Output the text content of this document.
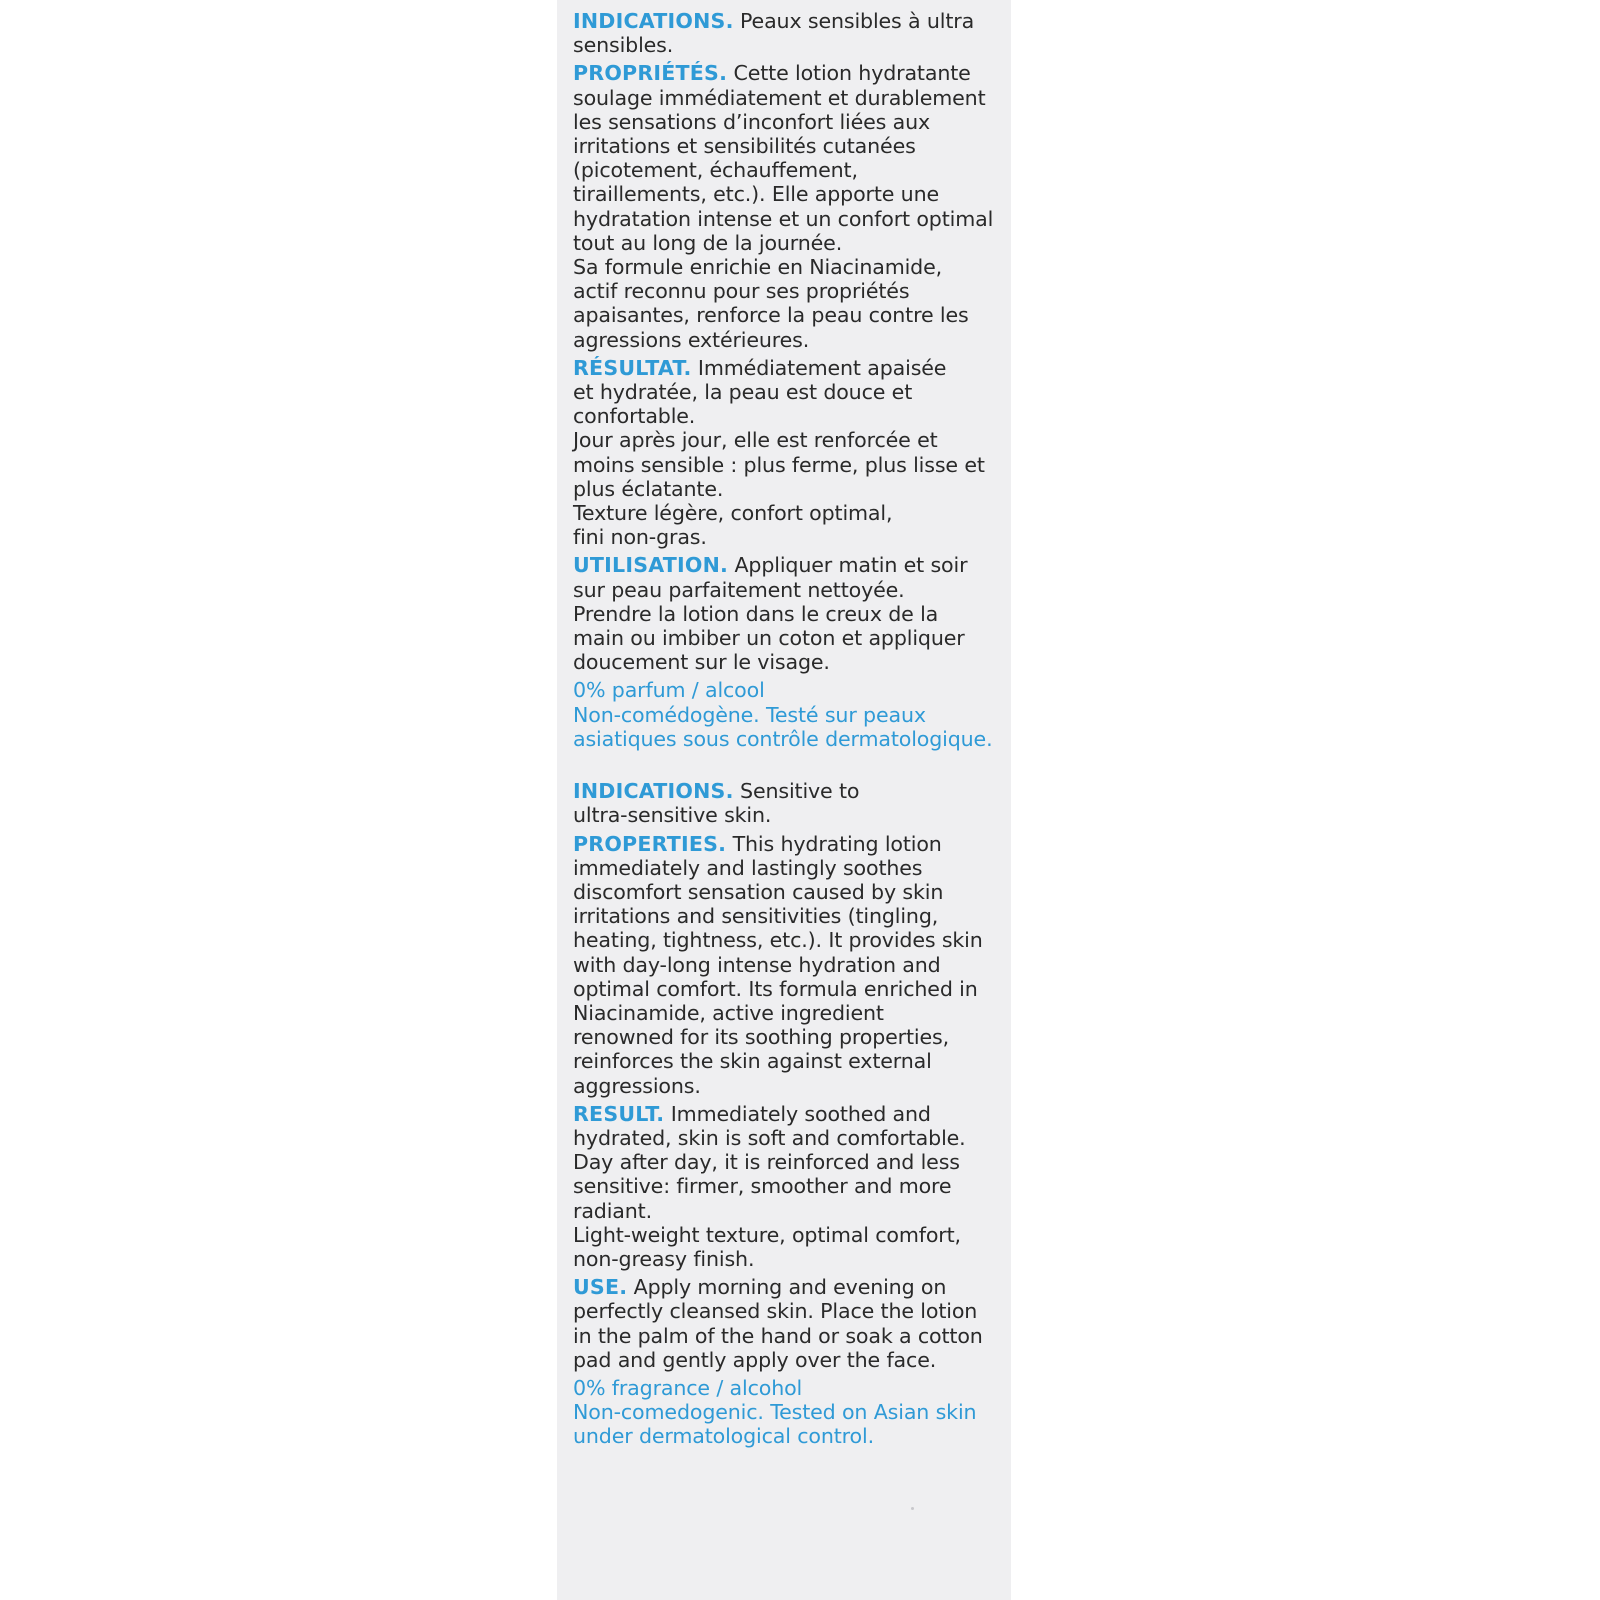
INDICATIONS. Peaux sensibles à ultra
sensibles.
PROPRIÉTÉS. Cette lotion hydratante
soulage immédiatement et durablement
les sensations d’inconfort liées aux
irritations et sensibilités cutanées
(picotement, échauffement,
tiraillements, etc.). Elle apporte une
hydratation intense et un confort optimal
tout au long de la journée.
Sa formule enrichie en Niacinamide,
actif reconnu pour ses propriétés
apaisantes, renforce la peau contre les
agressions extérieures.
RÉSULTAT. Immédiatement apaisée
et hydratée, la peau est douce et
confortable.
Jour après jour, elle est renforcée et
moins sensible : plus ferme, plus lisse et
plus éclatante.
Texture légère, confort optimal,
fini non-gras.
UTILISATION. Appliquer matin et soir
sur peau parfaitement nettoyée.
Prendre la lotion dans le creux de la
main ou imbiber un coton et appliquer
doucement sur le visage.
0% parfum / alcool
Non-comédogène. Testé sur peaux
asiatiques sous contrôle dermatologique.
INDICATIONS. Sensitive to
ultra-sensitive skin.
PROPERTIES. This hydrating lotion
immediately and lastingly soothes
discomfort sensation caused by skin
irritations and sensitivities (tingling,
heating, tightness, etc.). It provides skin
with day-long intense hydration and
optimal comfort. Its formula enriched in
Niacinamide, active ingredient
renowned for its soothing properties,
reinforces the skin against external
aggressions.
RESULT. Immediately soothed and
hydrated, skin is soft and comfortable.
Day after day, it is reinforced and less
sensitive: firmer, smoother and more
radiant.
Light-weight texture, optimal comfort,
non-greasy finish.
USE. Apply morning and evening on
perfectly cleansed skin. Place the lotion
in the palm of the hand or soak a cotton
pad and gently apply over the face.
0% fragrance / alcohol
Non-comedogenic. Tested on Asian skin
under dermatological control.
